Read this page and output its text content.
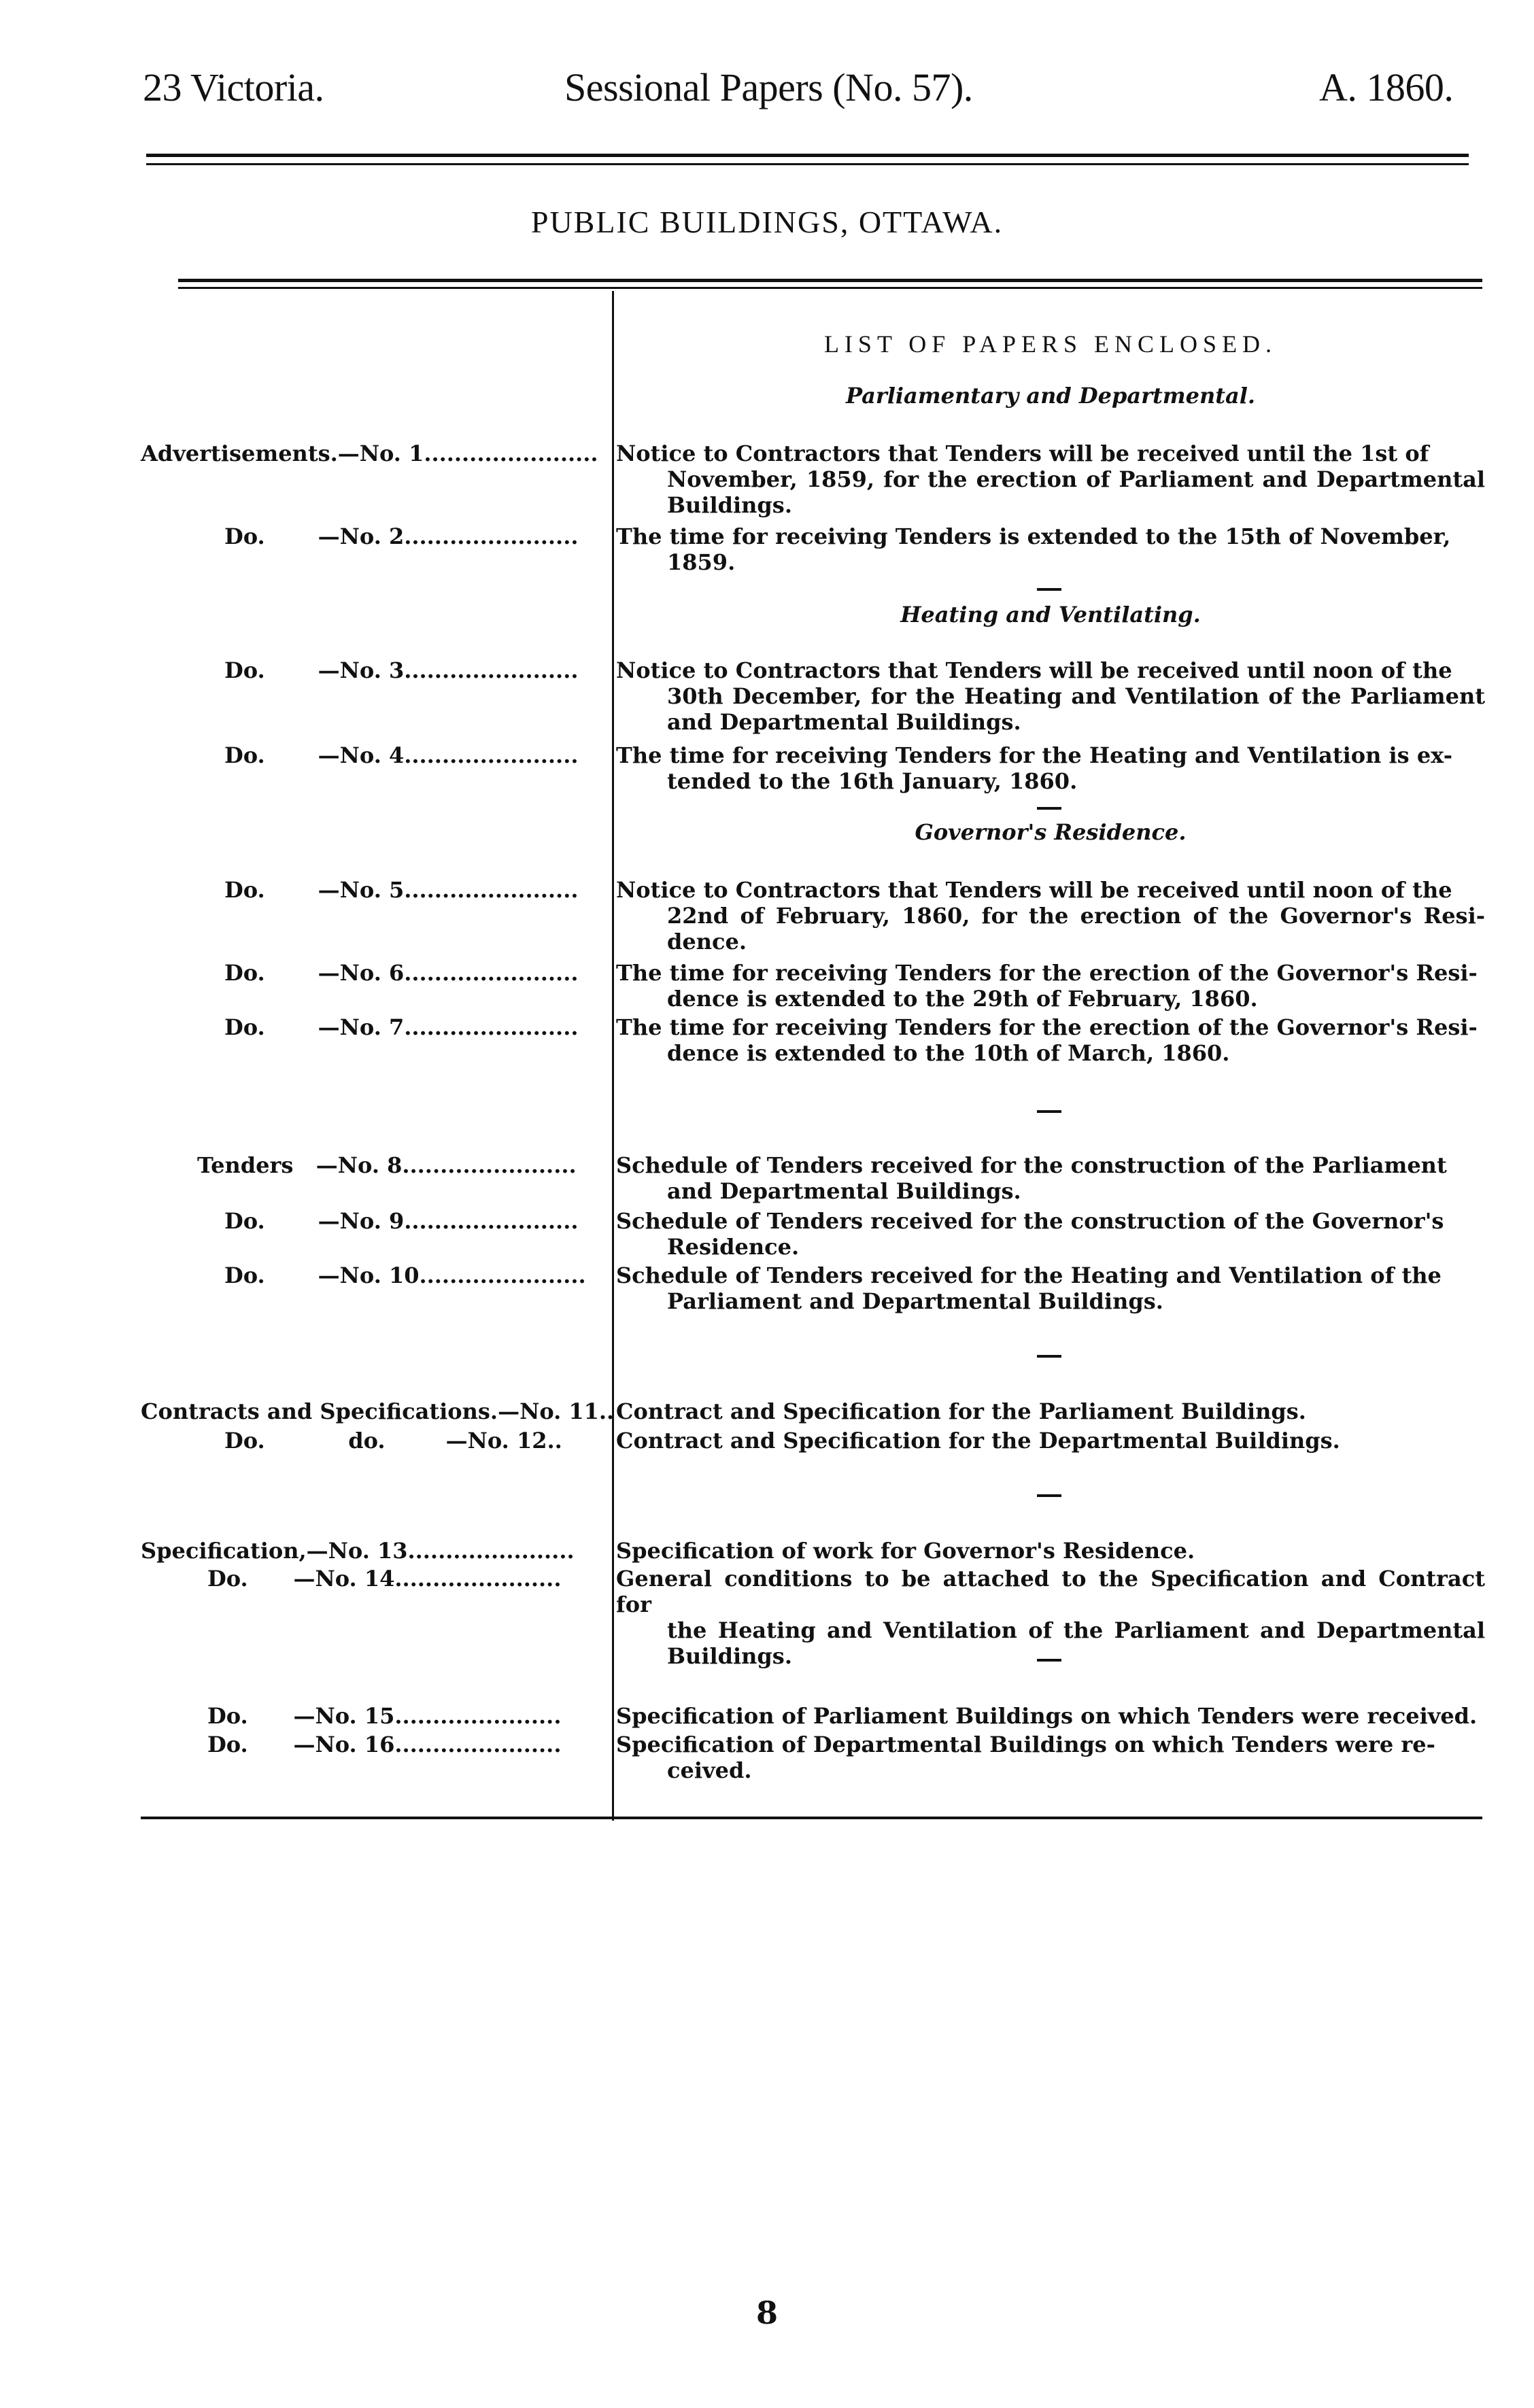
23 Victoria.	Sessional Papers (No. 57).	A. 1860.
PUBLIC BUILDINGS, OTTAWA.
LIST OF PAPERS ENCLOSED.
Parliamentary and Departmental.
Heating and Ventilating.
Governor's Residence.
Advertisements.—No. 1....................... Notice to Contractors that Tenders will be received until the 1st of
November, 1859, for the erection of Parliament and Departmental Buildings.
Do.       —No. 2....................... The time for receiving Tenders is extended to the 15th of November,
1859.
Do.       —No. 3....................... Notice to Contractors that Tenders will be received until noon of the
30th December, for the Heating and Ventilation of the Parliament and Departmental Buildings.
Do.       —No. 4....................... The time for receiving Tenders for the Heating and Ventilation is ex-
tended to the 16th January, 1860.
Do.       —No. 5....................... Notice to Contractors that Tenders will be received until noon of the
22nd of February, 1860, for the erection of the Governor's Resi- dence.
Do.       —No. 6....................... The time for receiving Tenders for the erection of the Governor's Resi-
dence is extended to the 29th of February, 1860.
Do.       —No. 7....................... The time for receiving Tenders for the erection of the Governor's Resi-
dence is extended to the 10th of March, 1860.
Tenders   —No. 8....................... Schedule of Tenders received for the construction of the Parliament
and Departmental Buildings.
Do.       —No. 9....................... Schedule of Tenders received for the construction of the Governor's
Residence.
Do.       —No. 10...................... Schedule of Tenders received for the Heating and Ventilation of the
Parliament and Departmental Buildings.
Contracts and Specifications.—No. 11.. Contract and Specification for the Parliament Buildings.
Do.           do.        —No. 12.. Contract and Specification for the Departmental Buildings.
Specification,—No. 13...................... Specification of work for Governor's Residence.
Do.      —No. 14......................	General conditions to be attached to the Specification and Contract for
the Heating and Ventilation of the Parliament and Departmental Buildings.
Do.      —No. 15......................	Specification of Parliament Buildings on which Tenders were received.
Do.      —No. 16......................	Specification of Departmental Buildings on which Tenders were re-
ceived.
8
